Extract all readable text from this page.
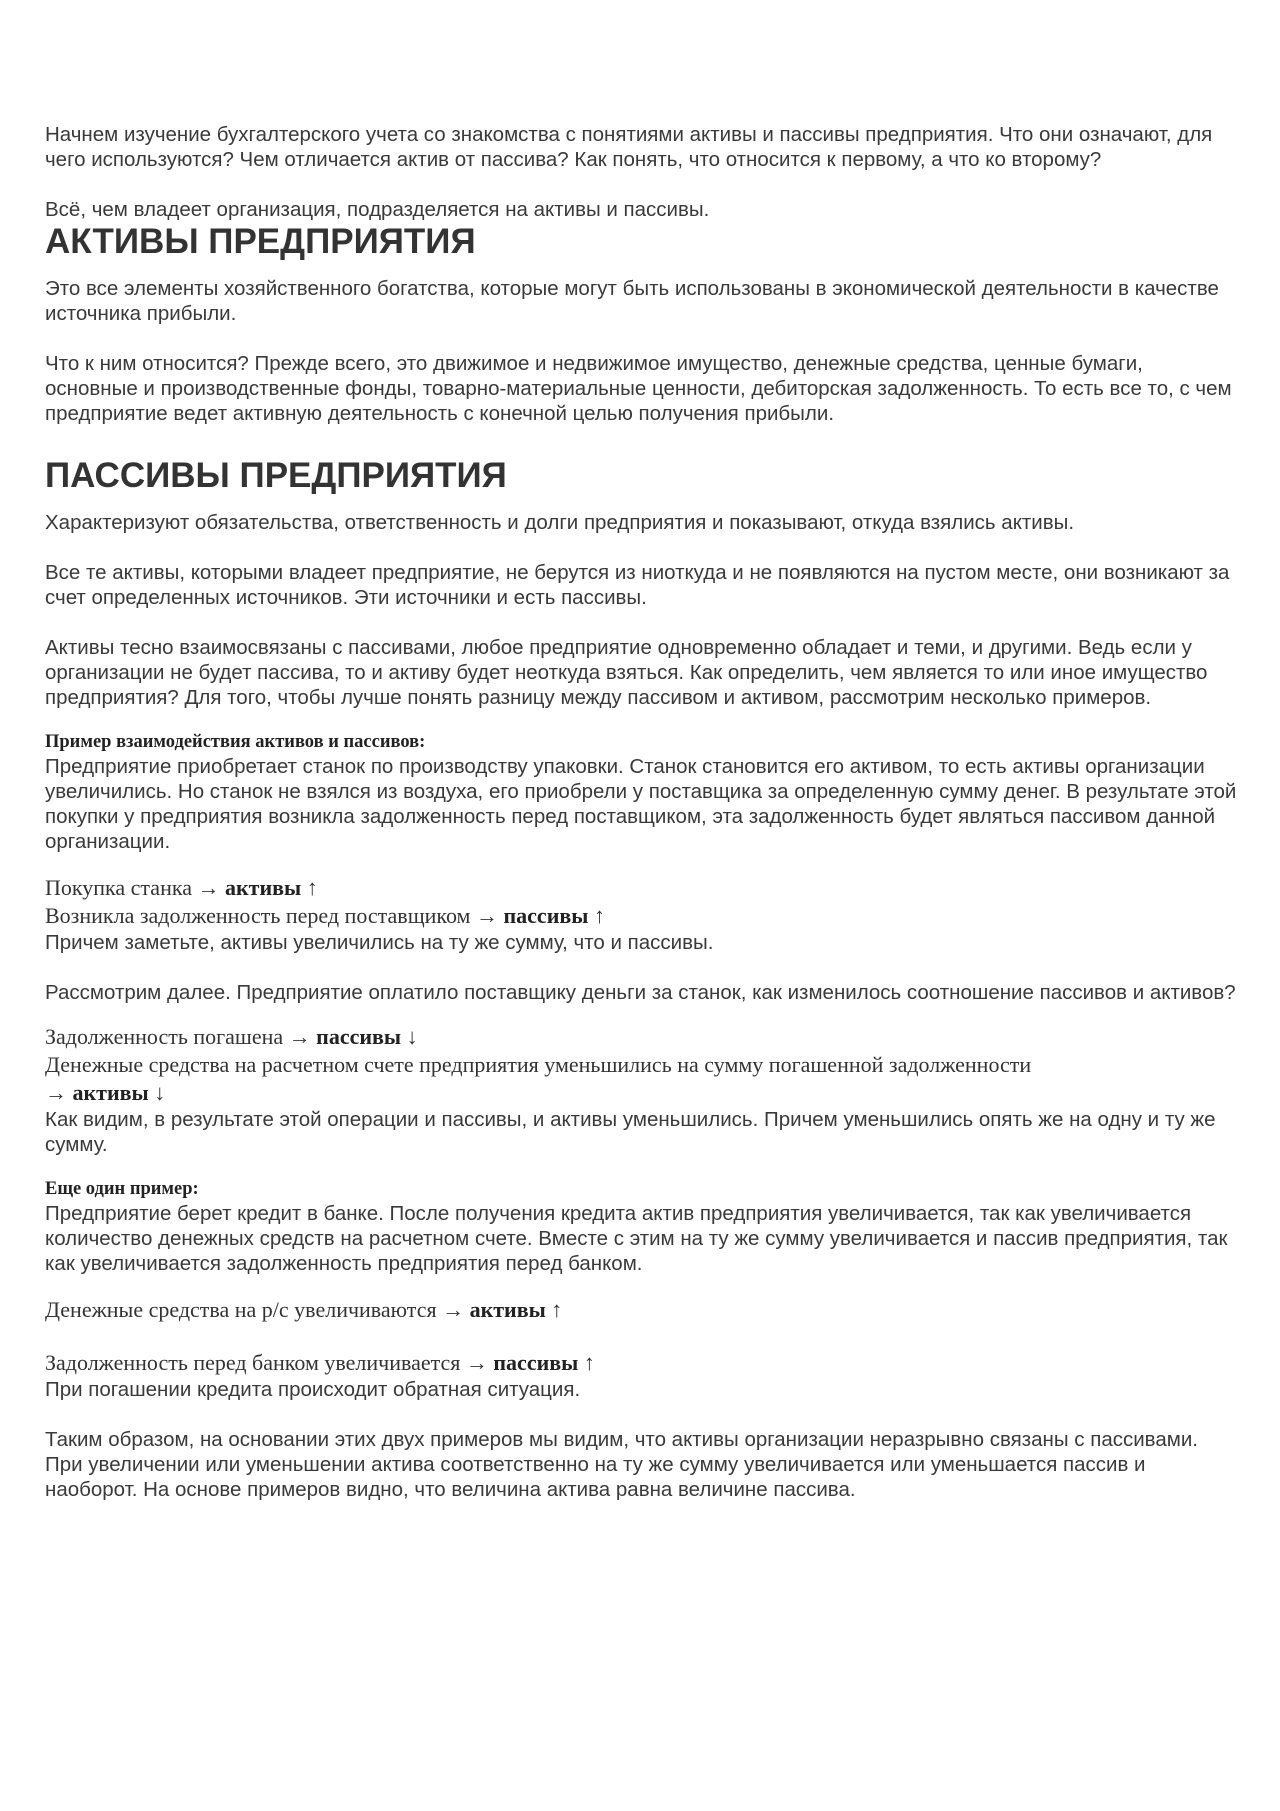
Начнем изучение бухгалтерского учета со знакомства с понятиями активы и пассивы предприятия. Что они означают, для чего используются? Чем отличается актив от пассива? Как понять, что относится к первому, а что ко второму?

Всё, чем владеет организация, подразделяется на активы и пассивы.

АКТИВЫ ПРЕДПРИЯТИЯ

Это все элементы хозяйственного богатства, которые могут быть использованы в экономической деятельности в качестве источника прибыли.

Что к ним относится? Прежде всего, это движимое и недвижимое имущество, денежные средства, ценные бумаги, основные и производственные фонды, товарно-материальные ценности, дебиторская задолженность. То есть все то, с чем предприятие ведет активную деятельность с конечной целью получения прибыли.

ПАССИВЫ ПРЕДПРИЯТИЯ

Характеризуют обязательства, ответственность и долги предприятия и показывают, откуда взялись активы.

Все те активы, которыми владеет предприятие, не берутся из ниоткуда и не появляются на пустом месте, они возникают за счет определенных источников. Эти источники и есть пассивы.

Активы тесно взаимосвязаны с пассивами, любое предприятие одновременно обладает и теми, и другими. Ведь если у организации не будет пассива, то и активу будет неоткуда взяться. Как определить, чем является то или иное имущество предприятия? Для того, чтобы лучше понять разницу между пассивом и активом, рассмотрим несколько примеров.

Пример взаимодействия активов и пассивов:

Предприятие приобретает станок по производству упаковки. Станок становится его активом, то есть активы организации увеличились. Но станок не взялся из воздуха, его приобрели у поставщика за определенную сумму денег. В результате этой покупки у предприятия возникла задолженность перед поставщиком, эта задолженность будет являться пассивом данной организации.

Покупка станка → активы ↑

Возникла задолженность перед поставщиком → пассивы ↑

Причем заметьте, активы увеличились на ту же сумму, что и пассивы.

Рассмотрим далее. Предприятие оплатило поставщику деньги за станок, как изменилось соотношение пассивов и активов?

Задолженность погашена → пассивы ↓

Денежные средства на расчетном счете предприятия уменьшились на сумму погашенной задолженности → активы ↓

Как видим, в результате этой операции и пассивы, и активы уменьшились. Причем уменьшились опять же на одну и ту же сумму.

Еще один пример:

Предприятие берет кредит в банке. После получения кредита актив предприятия увеличивается, так как увеличивается количество денежных средств на расчетном счете. Вместе с этим на ту же сумму увеличивается и пассив предприятия, так как увеличивается задолженность предприятия перед банком.

Денежные средства на р/с увеличиваются → активы ↑

Задолженность перед банком увеличивается → пассивы ↑

При погашении кредита происходит обратная ситуация.

Таким образом, на основании этих двух примеров мы видим, что активы организации неразрывно связаны с пассивами. При увеличении или уменьшении актива соответственно на ту же сумму увеличивается или уменьшается пассив и наоборот. На основе примеров видно, что величина актива равна величине пассива.
